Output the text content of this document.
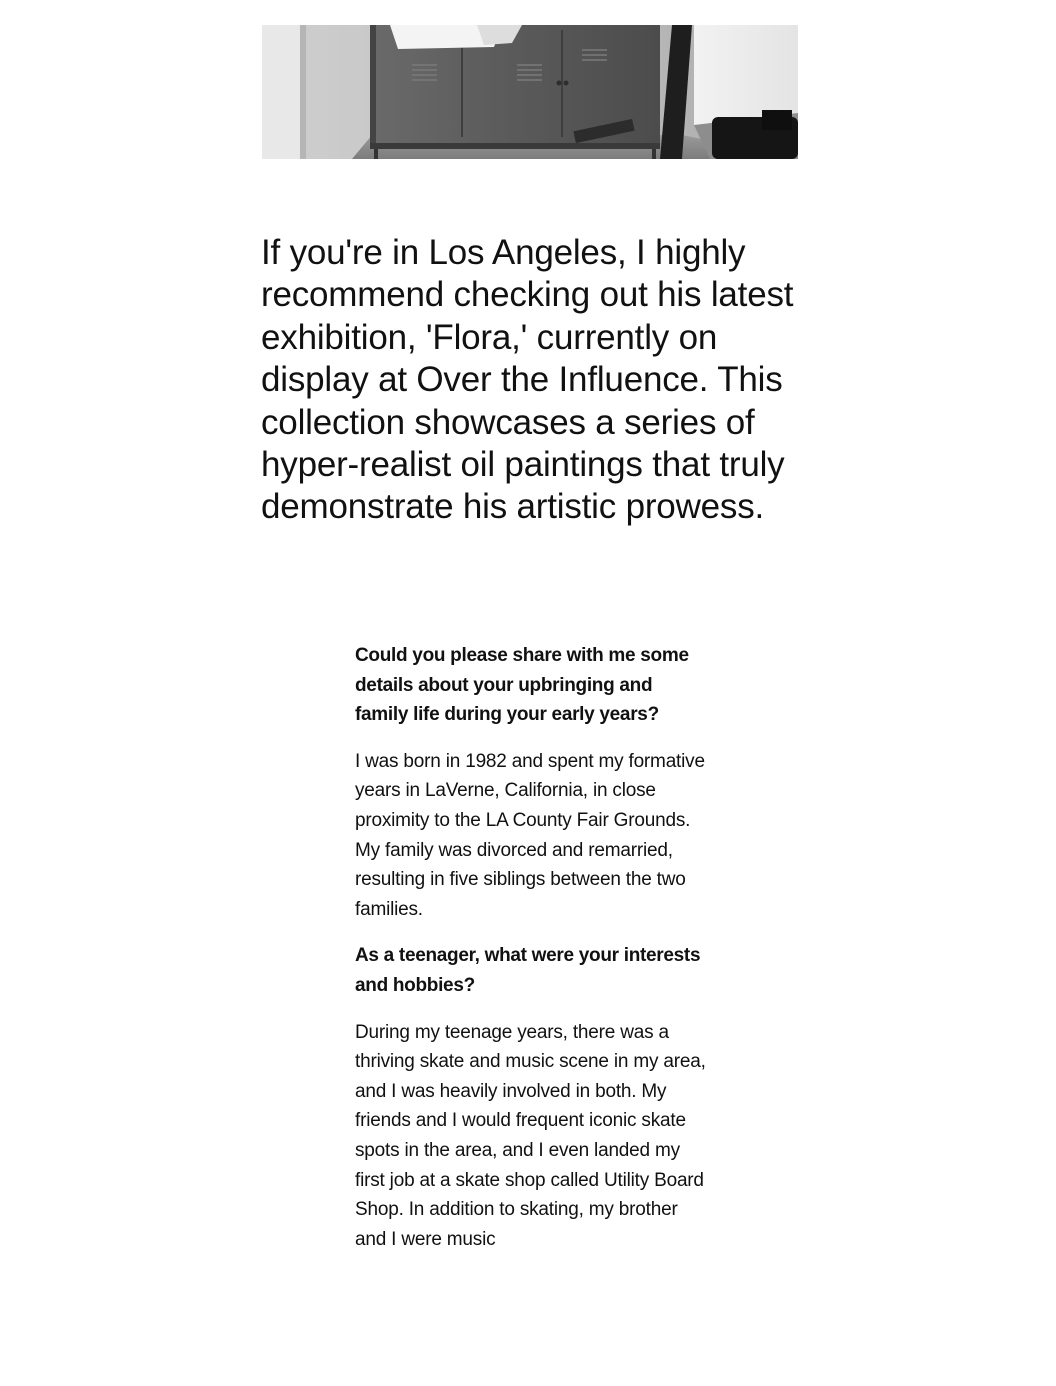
If you're in Los Angeles, I highly recommend checking out his latest exhibition, 'Flora,' currently on display at Over the Influence. This collection showcases a series of hyper-realist oil paintings that truly demonstrate his artistic prowess.

Could you please share with me some details about your upbringing and family life during your early years?

I was born in 1982 and spent my formative years in LaVerne, California, in close proximity to the LA County Fair Grounds. My family was divorced and remarried, resulting in five siblings between the two families.

As a teenager, what were your interests and hobbies?

During my teenage years, there was a thriving skate and music scene in my area, and I was heavily involved in both. My friends and I would frequent iconic skate spots in the area, and I even landed my first job at a skate shop called Utility Board Shop. In addition to skating, my brother and I were music
